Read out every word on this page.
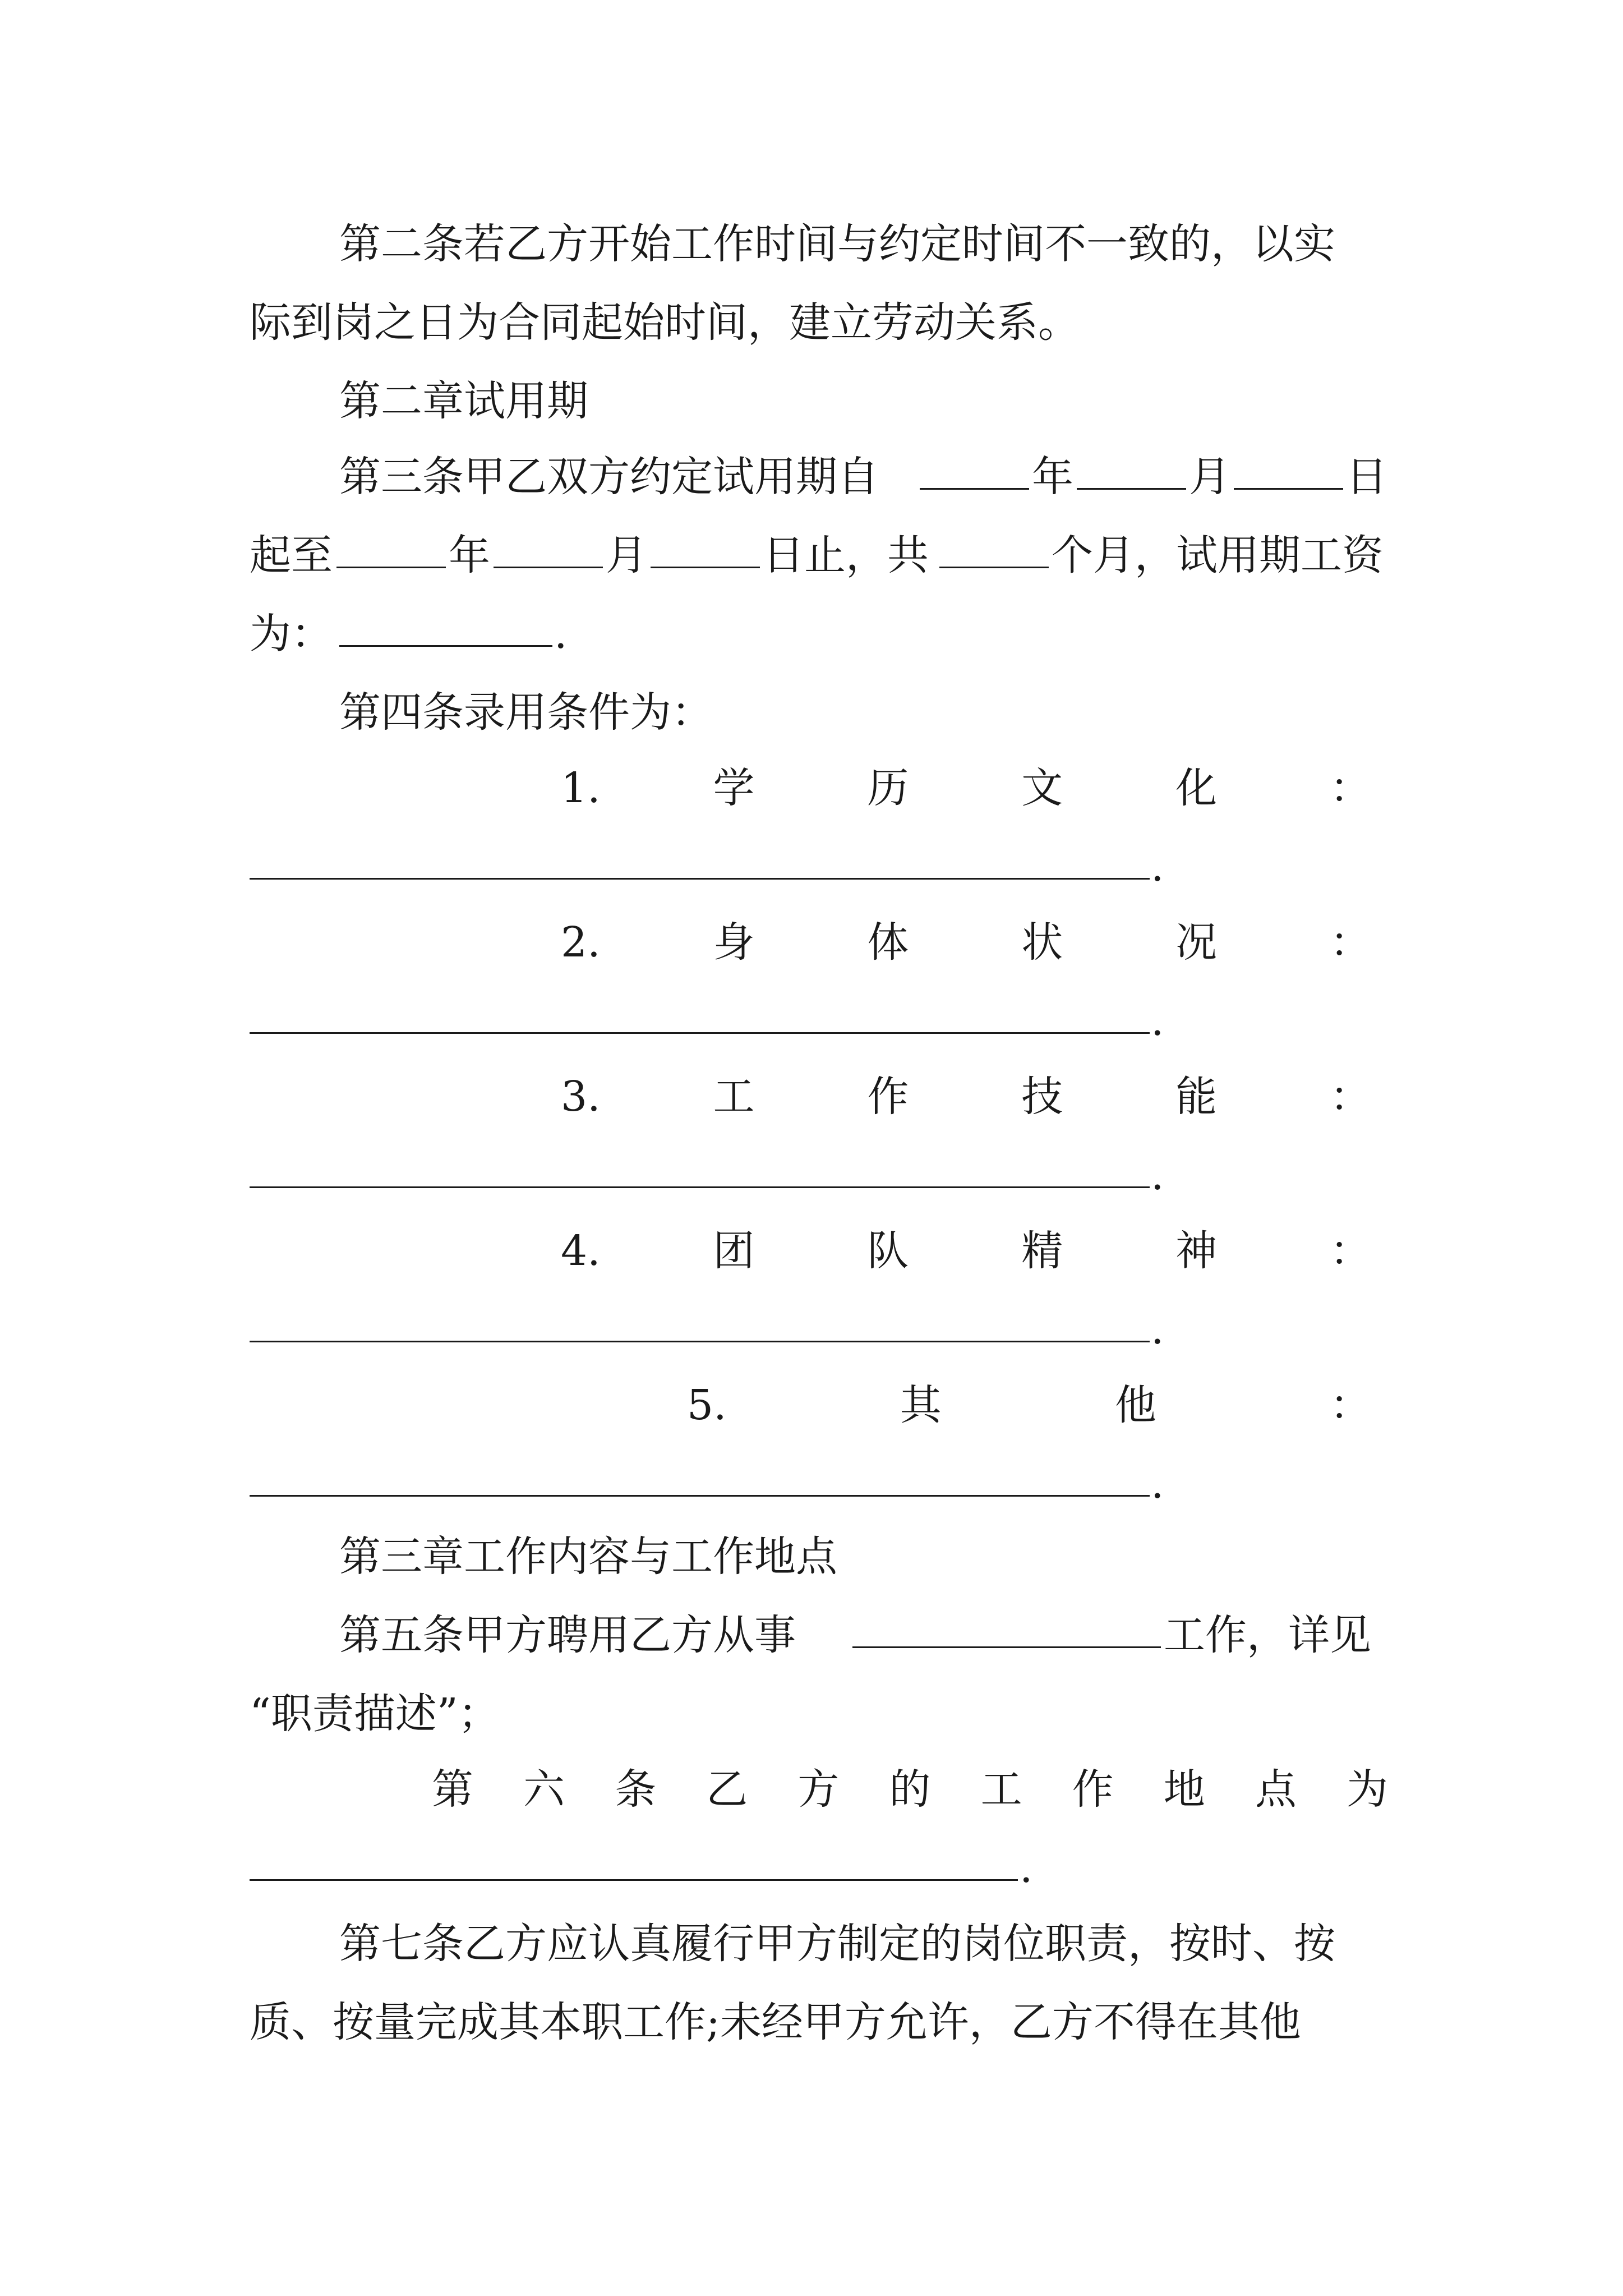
第二条若乙方开始工作时间与约定时间不一致的，以实
际到岗之日为合同起始时间，建立劳动关系。
第二章试用期
第三条甲乙双方约定试用期自	年	月	日
起至	年	月	日止，共	个月，试用期工资
为：	.
第四条录用条件为：
1.	学	历	文	化	：
.
2.	身	体	状	况	：
.
3.	工	作	技	能	：
.
4.	团	队	精	神	：
.
5.	其	他	：
.
第三章工作内容与工作地点
第五条甲方聘用乙方从事	工作，详见
“职责描述”；
第 六 条 乙 方 的 工 作 地 点 为
.
第七条乙方应认真履行甲方制定的岗位职责，按时、按
质、按量完成其本职工作;未经甲方允许，乙方不得在其他
